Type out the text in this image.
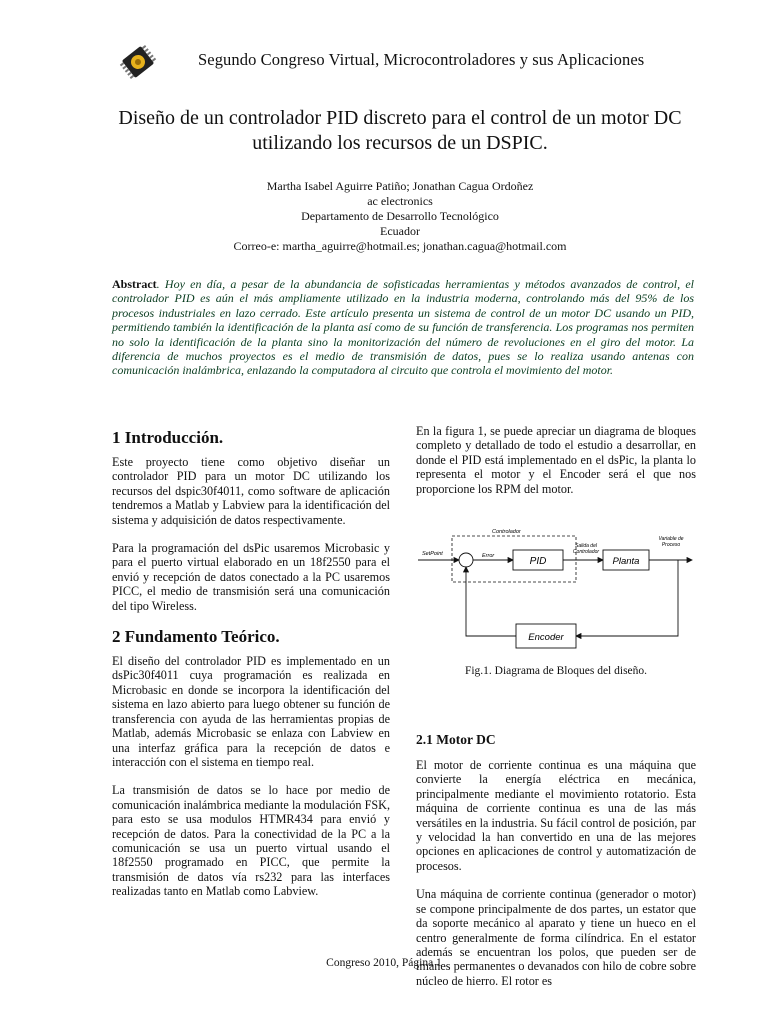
Segundo Congreso Virtual, Microcontroladores y sus Aplicaciones
Diseño de un controlador PID discreto para el control de un motor DC
utilizando los recursos de un DSPIC.
Martha Isabel Aguirre Patiño; Jonathan Cagua Ordoñez
ac electronics
Departamento de Desarrollo Tecnológico
Ecuador
Correo-e: martha_aguirre@hotmail.es; jonathan.cagua@hotmail.com
Abstract. Hoy en día, a pesar de la abundancia de sofisticadas herramientas y métodos avanzados de control, el controlador PID es aún el más ampliamente utilizado en la industria moderna, controlando más del 95% de los procesos industriales en lazo cerrado. Este artículo presenta un sistema de control de un motor DC usando un PID, permitiendo también la identificación de la planta así como de su función de transferencia. Los programas nos permiten no solo la identificación de la planta sino la monitorización del número de revoluciones en el giro del motor. La diferencia de muchos proyectos es el medio de transmisión de datos, pues se lo realiza usando antenas con comunicación inalámbrica, enlazando la computadora al circuito que controla el movimiento del motor.
1 Introducción.

Este proyecto tiene como objetivo diseñar un controlador PID para un motor DC utilizando los recursos del dspic30f4011, como software de aplicación tendremos a Matlab y Labview para la identificación del sistema y adquisición de datos respectivamente.

Para la programación del dsPic usaremos Microbasic y para el puerto virtual elaborado en un 18f2550 para el envió y recepción de datos conectado a la PC usaremos PICC, el medio de transmisión será una comunicación del tipo Wireless.

2 Fundamento Teórico.

El diseño del controlador PID es implementado en un dsPic30f4011 cuya programación es realizada en Microbasic en donde se incorpora la identificación del sistema en lazo abierto para luego obtener su función de transferencia con ayuda de las herramientas propias de Matlab, además Microbasic se enlaza con Labview en una interfaz gráfica para la recepción de datos e interacción con el sistema en tiempo real.

La transmisión de datos se lo hace por medio de comunicación inalámbrica mediante la modulación FSK, para esto se usa modulos HTMR434 para envió y recepción de datos. Para la conectividad de la PC a la comunicación se usa un puerto virtual usando el 18f2550 programado en PICC, que permite la transmisión de datos vía rs232 para las interfaces realizadas tanto en Matlab como Labview.

En la figura 1, se puede apreciar un diagrama de bloques completo y detallado de todo el estudio a desarrollar, en donde el PID está implementado en el dsPic, la planta lo representa el motor y el Encoder será el que nos proporcione los RPM del motor.

Controlador
SetPoint	Error	PID
Salida del
Controlador
Planta
Variable de
Proceso
Encoder
Fig.1. Diagrama de Bloques del diseño.
2.1 Motor DC

El motor de corriente continua es una máquina que convierte la energía eléctrica en mecánica, principalmente mediante el movimiento rotatorio. Esta máquina de corriente continua es una de las más versátiles en la industria. Su fácil control de posición, par y velocidad la han convertido en una de las mejores opciones en aplicaciones de control y automatización de procesos.

Una máquina de corriente continua (generador o motor) se compone principalmente de dos partes, un estator que da soporte mecánico al aparato y tiene un hueco en el centro generalmente de forma cilíndrica. En el estator además se encuentran los polos, que pueden ser de imanes permanentes o devanados con hilo de cobre sobre núcleo de hierro. El rotor es

Congreso 2010, Página 1
